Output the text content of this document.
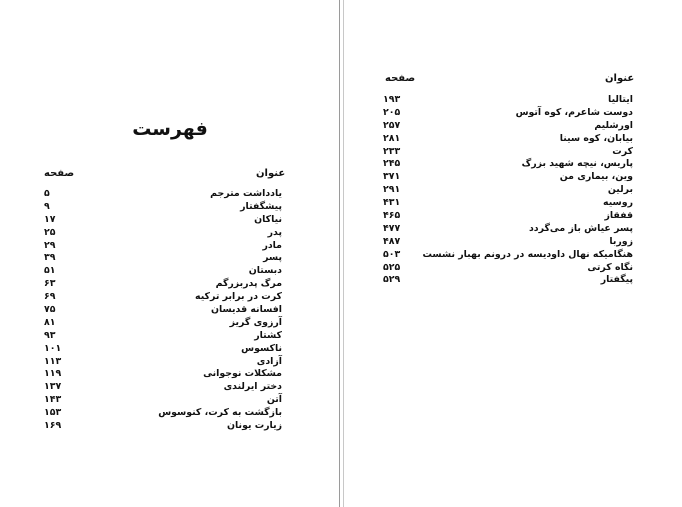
فهرست
عنوان
صفحه
یادداشت مترجم
۵
پیشگفتار
۹
نیاکان
۱۷
پدر
۲۵
مادر
۲۹
پسر
۳۹
دبستان
۵۱
مرگ پدربزرگم
۶۳
کرت در برابر ترکیه
۶۹
افسانه قدیسان
۷۵
آرزوی گریز
۸۱
کشتار
۹۳
ناکسوس
۱۰۱
آزادی
۱۱۳
مشکلات نوجوانی
۱۱۹
دختر ایرلندی
۱۳۷
آتن
۱۴۳
بازگشت به کرت، کنوسوس
۱۵۳
زیارت یونان
۱۶۹
عنوان
صفحه
ایتالیا
۱۹۳
دوست شاعرم، کوه آتوس
۲۰۵
اورشلیم
۲۵۷
بیابان، کوه سینا
۲۸۱
کرت
۲۳۳
پاریس، نیچه شهید بزرگ
۲۴۵
وین، بیماری من
۳۷۱
برلین
۲۹۱
روسیه
۴۳۱
قفقاز
۴۶۵
پسر عیاش باز می‌گردد
۴۷۷
زوربا
۴۸۷
هنگامیکه نهال داودیسه در درونم بهبار نشست
۵۰۳
نگاه کرتی
۵۲۵
پیگفتار
۵۲۹
